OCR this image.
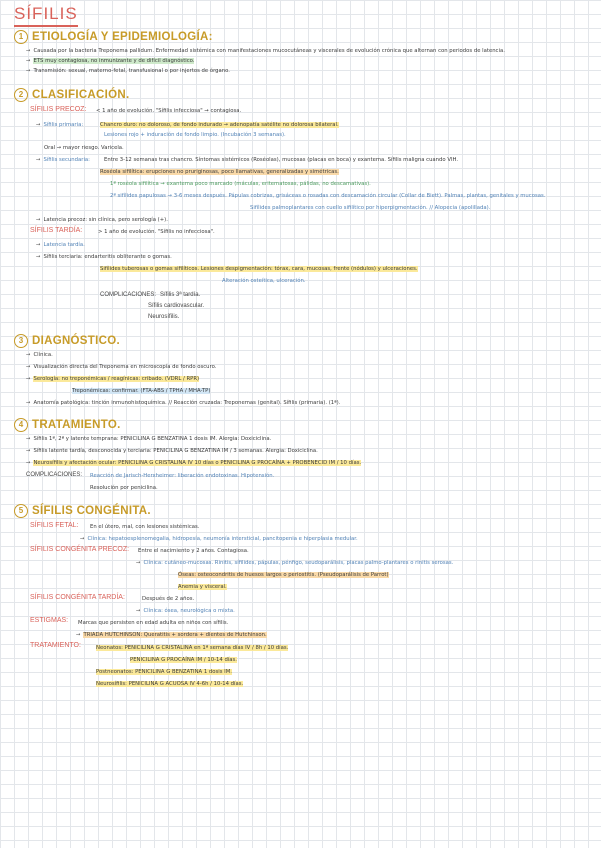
SÍFILIS
1 ETIOLOGÍA Y EPIDEMIOLOGÍA:
→ Causada por la bacteria Treponema pallidum. Enfermedad sistémica con manifestaciones mucocutáneas y viscerales de evolución crónica que alternan con periodos de latencia.
→ ETS muy contagiosa, no inmunizante y de difícil diagnóstico.
→ Transmisión: sexual, materno-fetal, transfusional o por injertos de órgano.
2 CLASIFICACIÓN.
SÍFILIS PRECOZ: < 1 año de evolución. "Sífilis infecciosa" → contagiosa.
→ Sífilis primaria:	Chancro duro: no doloroso, de fondo indurado → adenopatía satélite no dolorosa bilateral.
Lesiones rojo + induración de fondo limpio. (Incubación 3 semanas).
Oral → mayor riesgo. Varicela.
→ Sífilis secundaria:	Entre 3-12 semanas tras chancro. Síntomas sistémicos (Roséolas), mucosas (placas en boca) y exantema. Sífilis maligna cuando VIH.
Roséola sifilítica: erupciones no pruriginosas, poco llamativas, generalizadas y simétricas.
1ª roséola sifilítica → exantema poco marcado (máculas, eritematosas, pálidas, no descamativas).
2ª sifílides papulosas → 3-6 meses después. Pápulas cobrizas, grisáceas o rosadas con descamación circular (Collar de Biett). Palmas, plantas, genitales y mucosas.
Sifílides palmoplantares con cuello sifilítico por hiperpigmentación. // Alopecia (apolillada).
→ Latencia precoz: sin clínica, pero serología (+).
SÍFILIS TARDÍA:	> 1 año de evolución. "Sífilis no infecciosa".
→ Latencia tardía.
→ Sífilis terciaria: endarteritis obliterante o gomas.
Sifílides tuberosas o gomas sifilíticos. Lesiones despigmentación: tórax, cara, mucosas, frente (nódulos) y ulceraciones.
Alteración osteítica, ulceración.
COMPLICACIONES: Sífilis 3ª tardía.
Sífilis cardiovascular.
Neurosífilis.
3 DIAGNÓSTICO.
→ Clínica.
→ Visualización directa del Treponema en microscopía de fondo oscuro.
→ Serología: no treponémicas / reagínicas: cribado. (VDRL / RPR)
Treponémicas: confirmar. (FTA-ABS / TPHA / MHA-TP)
→ Anatomía patológica: tinción inmunohistoquímica. // Reacción cruzada: Treponemas (genital). Sífilis (primaria). (1ª).
4 TRATAMIENTO.
→ Sífilis 1ª, 2ª y latente temprana: PENICILINA G BENZATINA 1 dosis IM. Alergia: Doxiciclina.
→ Sífilis latente tardía, desconocida y terciaria: PENICILINA G BENZATINA IM / 3 semanas. Alergia: Doxiciclina.
→ Neurosífilis y afectación ocular: PENICILINA G CRISTALINA IV 10 días o PENICILINA G PROCAÍNA + PROBENECID IM / 10 días.
COMPLICACIONES: Reacción de Jarisch-Herxheimer: liberación endotoxinas. Hipotensión.
Resolución por penicilina.
5 SÍFILIS CONGÉNITA.
SÍFILIS FETAL: En el útero, mal, con lesiones sistémicas.
→ Clínica: hepatoesplenomegalia, hidropesía, neumonía intersticial, pancitopenia e hiperplasia medular.
SÍFILIS CONGÉNITA PRECOZ: Entre el nacimiento y 2 años. Contagiosa.
→ Clínica: cutáneo-mucosas. Rinitis, sífilides, pápulas, pénfigo, seudoparálisis, placas palmo-plantares o rinitis serosas.
Óseas: osteocondritis de huesos largos o periostitis. (Pseudoparálisis de Parrot)
Anemia y visceral.
SÍFILIS CONGÉNITA TARDÍA:	Después de 2 años.
→ Clínica: ósea, neurológica o mixta.
ESTIGMAS: Marcas que persisten en edad adulta en niños con sífilis.
→ TRIADA HUTCHINSON: Queratitis + sordera + dientes de Hutchinson.
TRATAMIENTO:	Neonatos: PENICILINA G CRISTALINA en 1ª semana días IV / 8h / 10 días.
PENICILINA G PROCAÍNA IM / 10-14 días.
Postneonatos: PENICILINA G BENZATINA 1 dosis IM.
Neurosífilis: PENICILINA G ACUOSA IV 4-6h / 10-14 días.
